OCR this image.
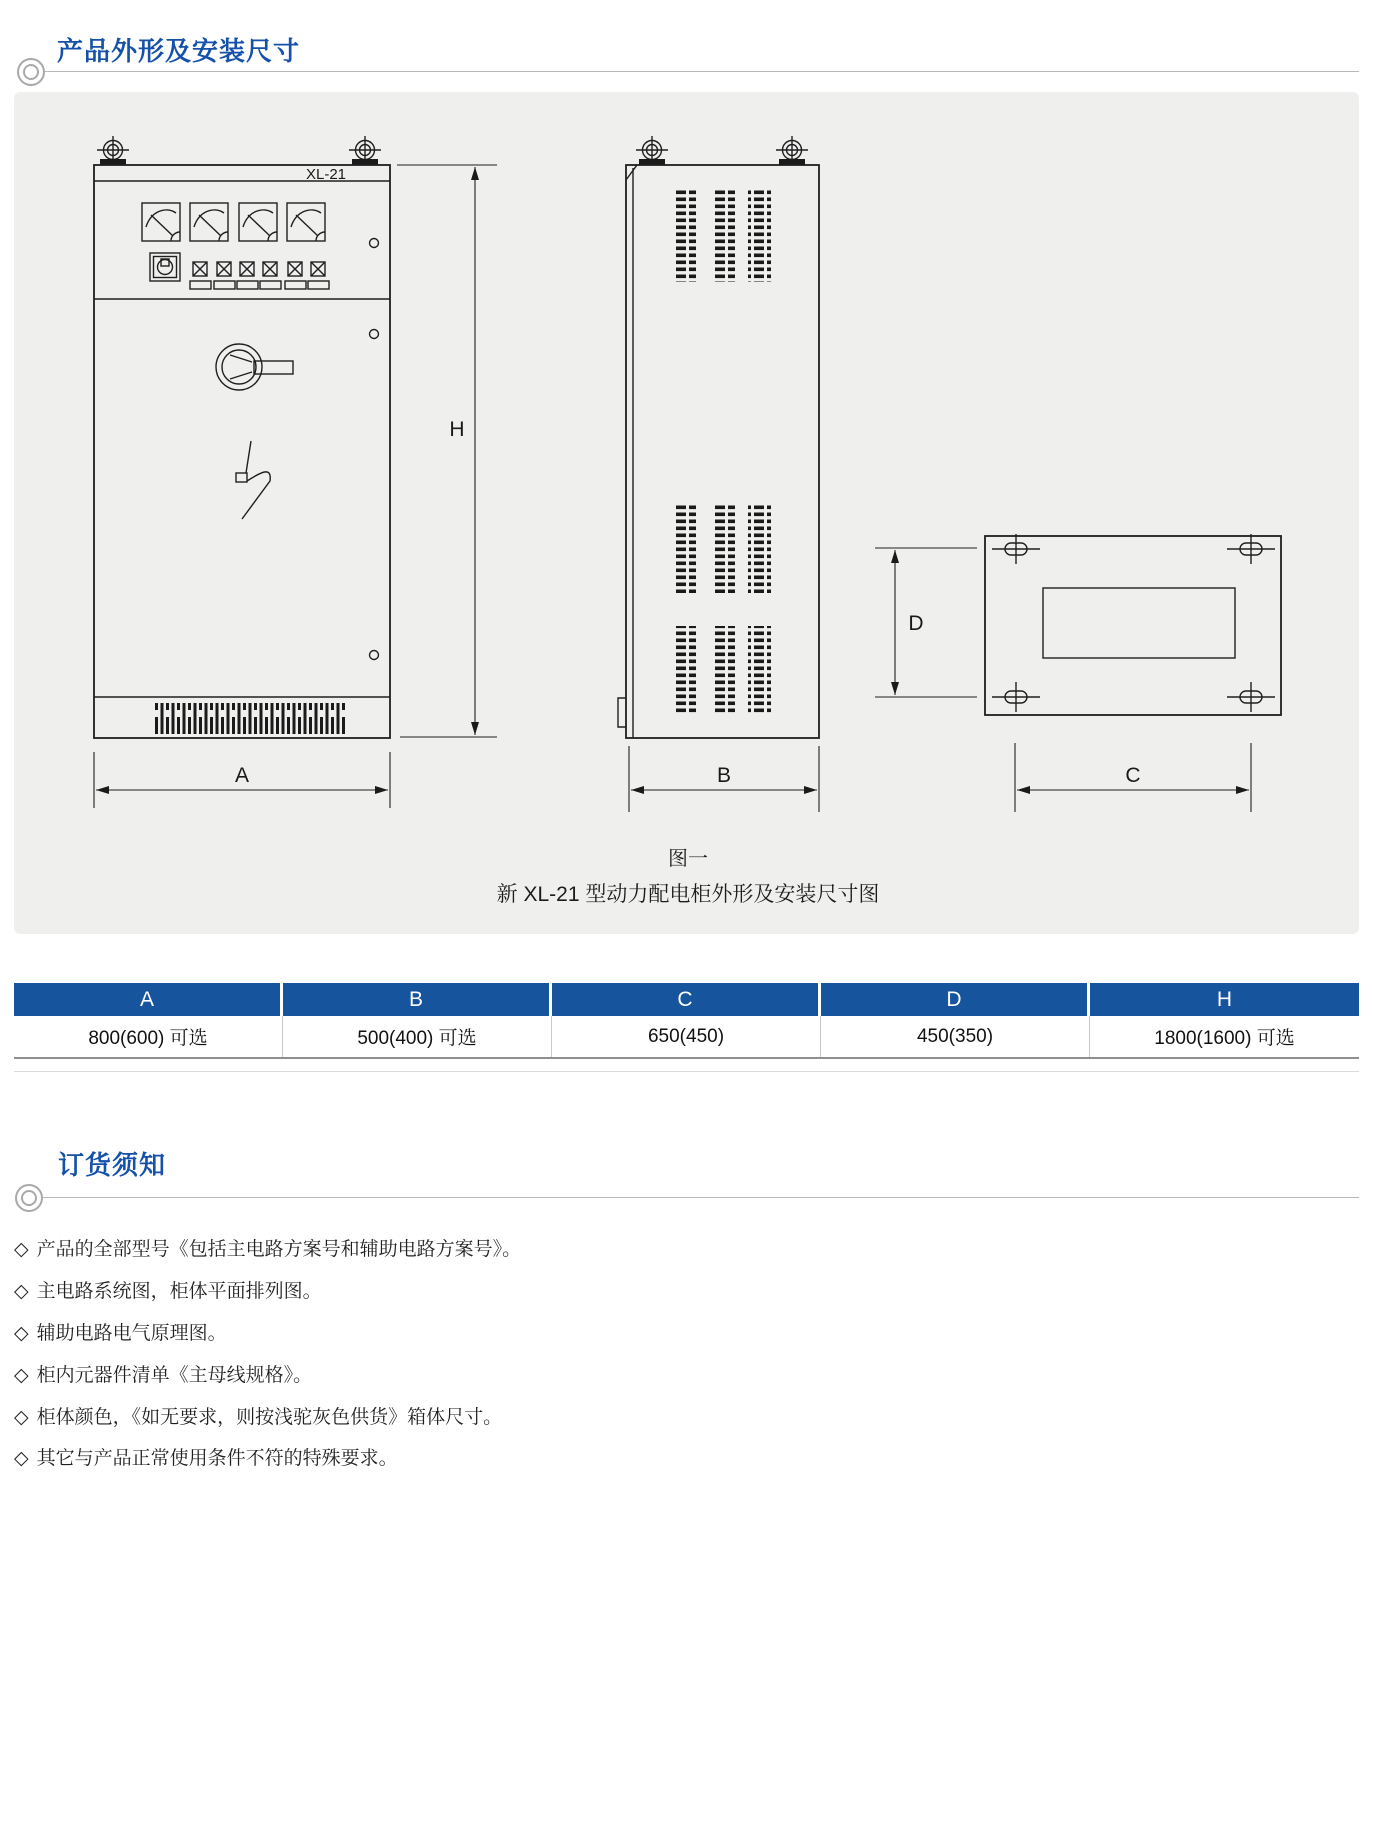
产品外形及安装尺寸
XL-21
H
A	B	C
D
图一
新 XL-21 型动力配电柜外形及安装尺寸图
A	B	C	D	H
800(600) 可选	500(400) 可选	650(450)	450(350)	1800(1600) 可选
订货须知
◇ 产品的全部型号《包括主电路方案号和辅助电路方案号》。
◇ 主电路系统图，柜体平面排列图。
◇ 辅助电路电气原理图。
◇ 柜内元器件清单《主母线规格》。
◇ 柜体颜色，《如无要求，则按浅驼灰色供货》箱体尺寸。
◇ 其它与产品正常使用条件不符的特殊要求。
